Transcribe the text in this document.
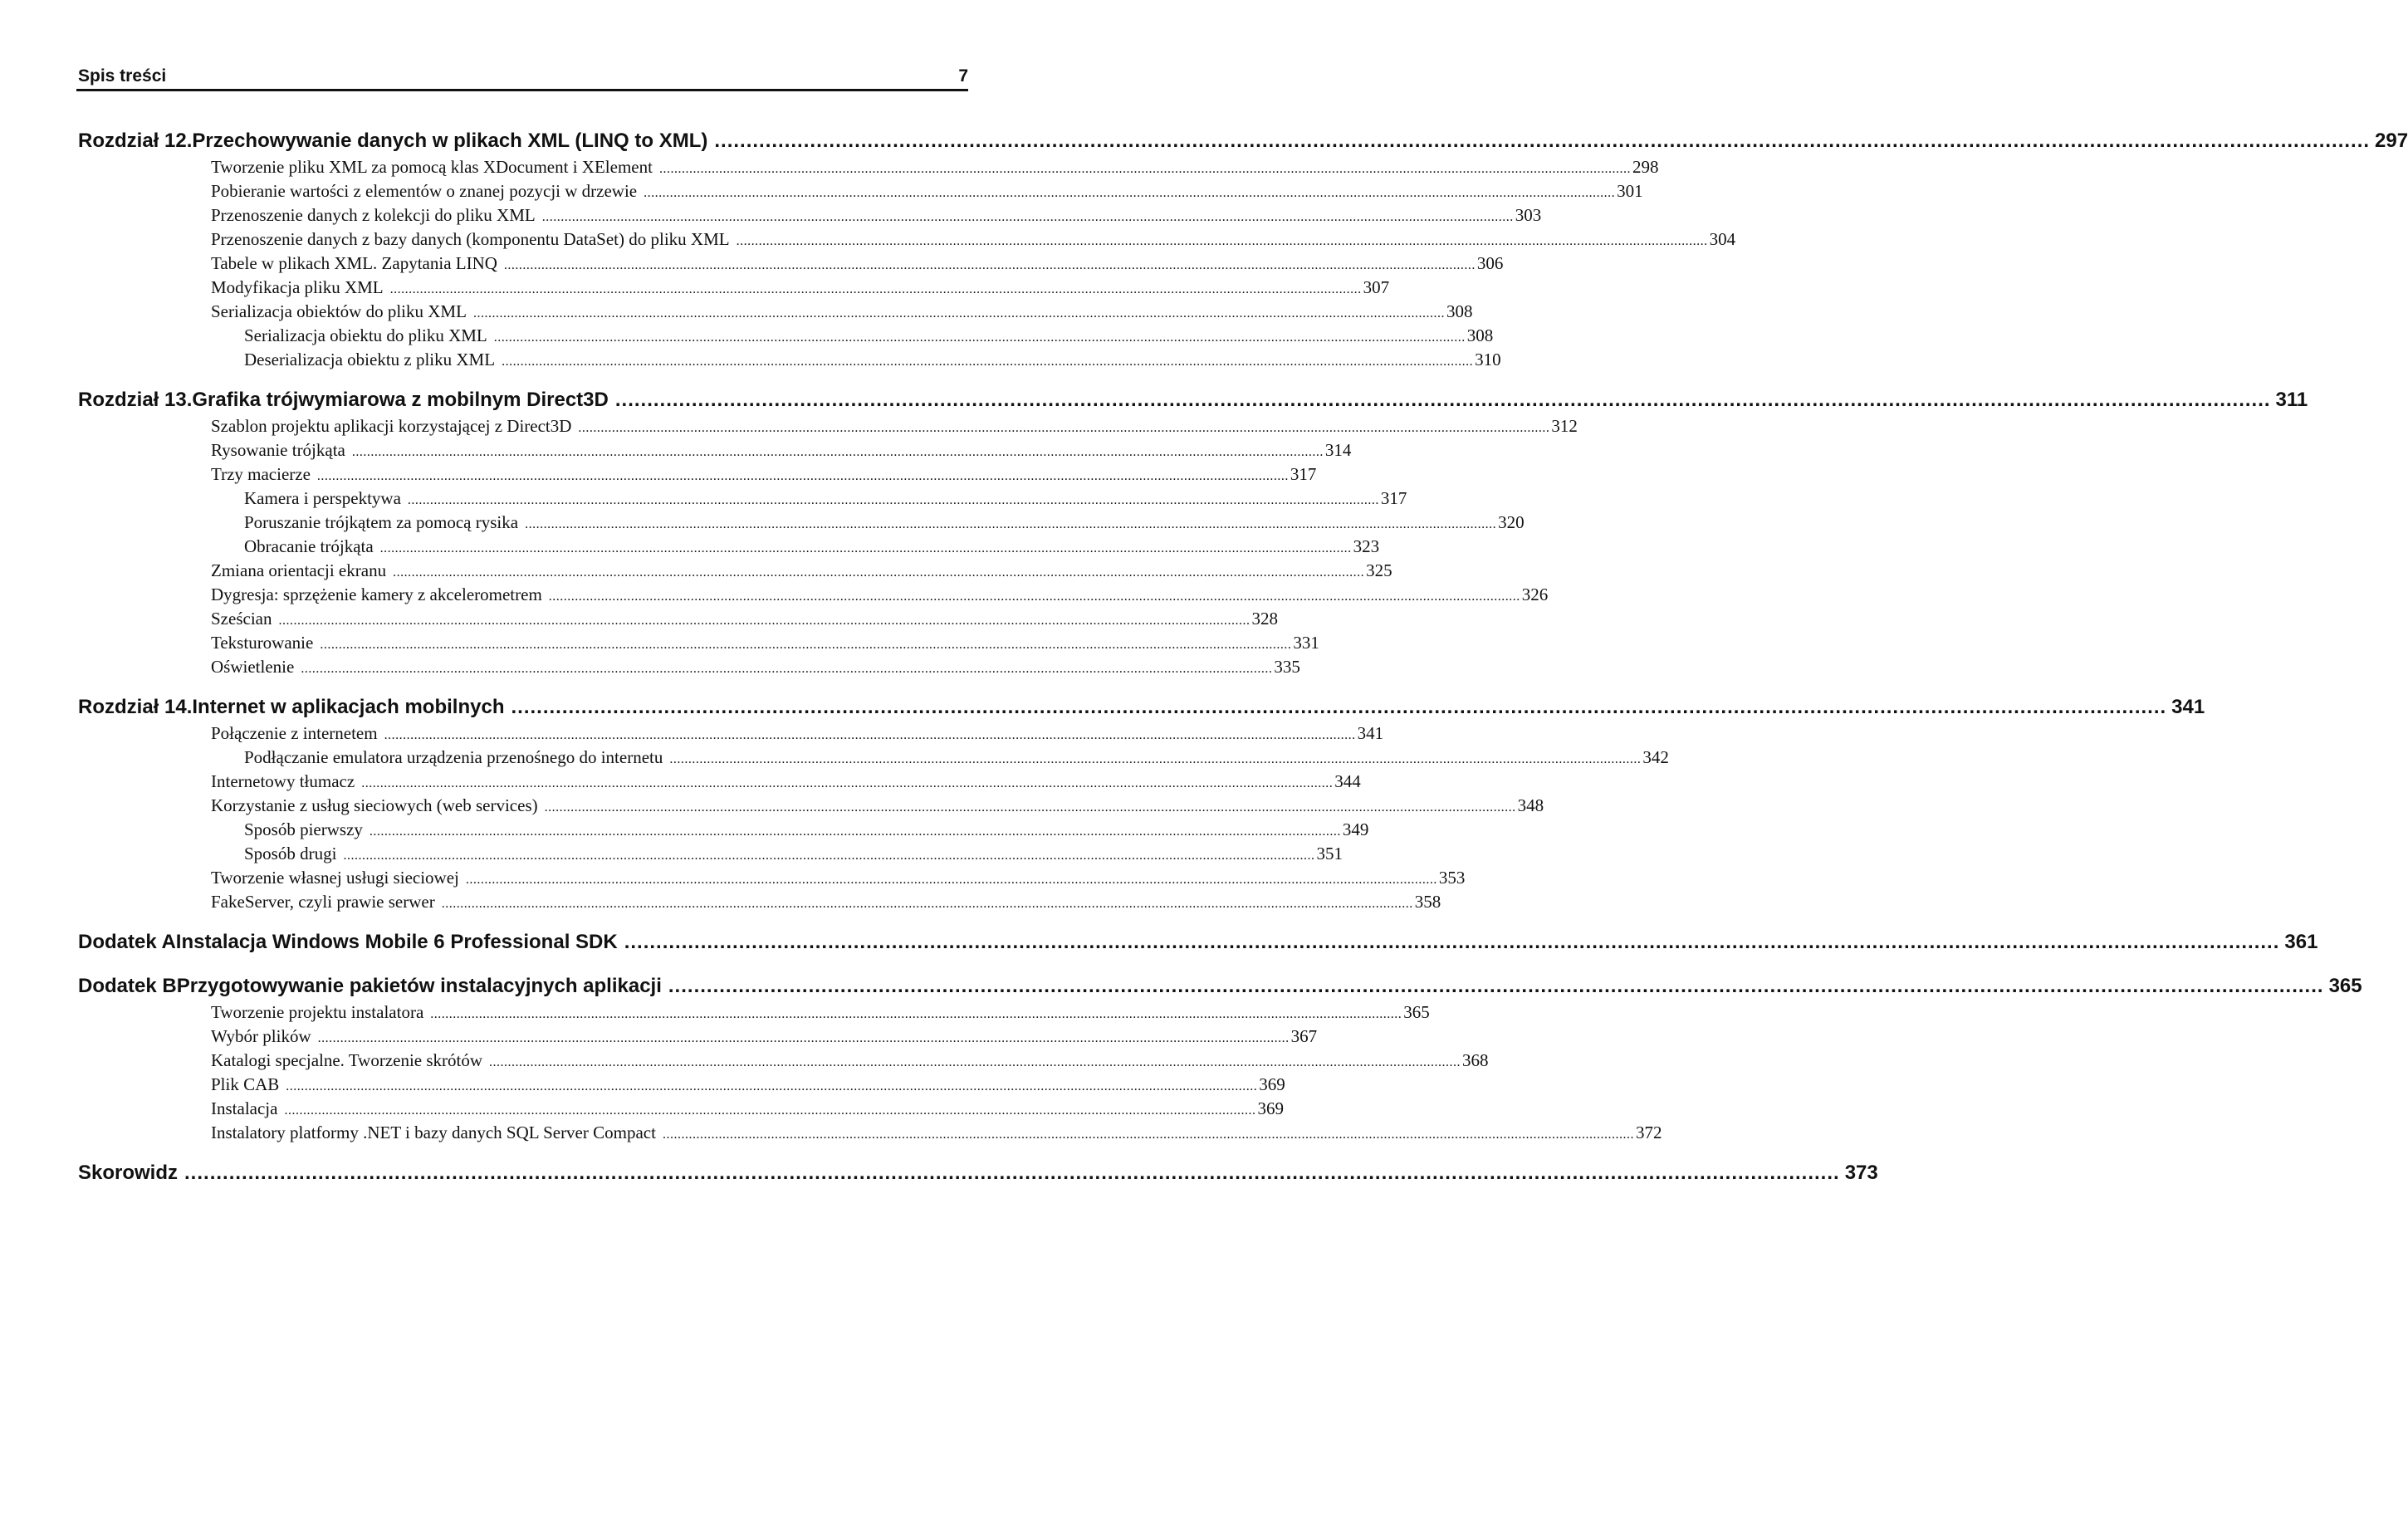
Spis treści	7
Rozdział 12. Przechowywanie danych w plikach XML (LINQ to XML) .................................................................................................................................................................................................................................................................... 297
Tworzenie pliku XML za pomocą klas XDocument i XElement .................................................................................................................................................................................................................................................................... 298
Pobieranie wartości z elementów o znanej pozycji w drzewie .................................................................................................................................................................................................................................................................... 301
Przenoszenie danych z kolekcji do pliku XML .................................................................................................................................................................................................................................................................... 303
Przenoszenie danych z bazy danych (komponentu DataSet) do pliku XML .................................................................................................................................................................................................................................................................... 304
Tabele w plikach XML. Zapytania LINQ .................................................................................................................................................................................................................................................................... 306
Modyfikacja pliku XML .................................................................................................................................................................................................................................................................... 307
Serializacja obiektów do pliku XML .................................................................................................................................................................................................................................................................... 308
Serializacja obiektu do pliku XML .................................................................................................................................................................................................................................................................... 308
Deserializacja obiektu z pliku XML .................................................................................................................................................................................................................................................................... 310
Rozdział 13. Grafika trójwymiarowa z mobilnym Direct3D .................................................................................................................................................................................................................................................................... 311
Szablon projektu aplikacji korzystającej z Direct3D .................................................................................................................................................................................................................................................................... 312
Rysowanie trójkąta .................................................................................................................................................................................................................................................................... 314
Trzy macierze .................................................................................................................................................................................................................................................................... 317
Kamera i perspektywa .................................................................................................................................................................................................................................................................... 317
Poruszanie trójkątem za pomocą rysika .................................................................................................................................................................................................................................................................... 320
Obracanie trójkąta .................................................................................................................................................................................................................................................................... 323
Zmiana orientacji ekranu .................................................................................................................................................................................................................................................................... 325
Dygresja: sprzężenie kamery z akcelerometrem .................................................................................................................................................................................................................................................................... 326
Sześcian .................................................................................................................................................................................................................................................................... 328
Teksturowanie .................................................................................................................................................................................................................................................................... 331
Oświetlenie .................................................................................................................................................................................................................................................................... 335
Rozdział 14. Internet w aplikacjach mobilnych .................................................................................................................................................................................................................................................................... 341
Połączenie z internetem .................................................................................................................................................................................................................................................................... 341
Podłączanie emulatora urządzenia przenośnego do internetu .................................................................................................................................................................................................................................................................... 342
Internetowy tłumacz .................................................................................................................................................................................................................................................................... 344
Korzystanie z usług sieciowych (web services) .................................................................................................................................................................................................................................................................... 348
Sposób pierwszy .................................................................................................................................................................................................................................................................... 349
Sposób drugi .................................................................................................................................................................................................................................................................... 351
Tworzenie własnej usługi sieciowej .................................................................................................................................................................................................................................................................... 353
FakeServer, czyli prawie serwer .................................................................................................................................................................................................................................................................... 358
Dodatek A Instalacja Windows Mobile 6 Professional SDK .................................................................................................................................................................................................................................................................... 361
Dodatek B Przygotowywanie pakietów instalacyjnych aplikacji .................................................................................................................................................................................................................................................................... 365
Tworzenie projektu instalatora .................................................................................................................................................................................................................................................................... 365
Wybór plików .................................................................................................................................................................................................................................................................... 367
Katalogi specjalne. Tworzenie skrótów .................................................................................................................................................................................................................................................................... 368
Plik CAB .................................................................................................................................................................................................................................................................... 369
Instalacja .................................................................................................................................................................................................................................................................... 369
Instalatory platformy .NET i bazy danych SQL Server Compact .................................................................................................................................................................................................................................................................... 372
Skorowidz .................................................................................................................................................................................................................................................................... 373
